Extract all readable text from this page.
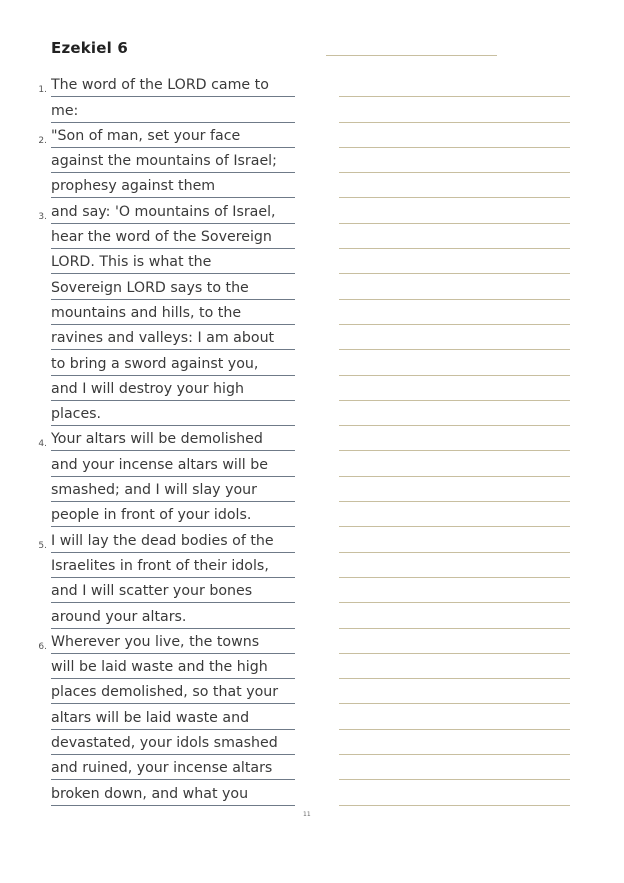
Ezekiel 6
1. The word of the LORD came to
me:
2. "Son of man, set your face
against the mountains of Israel;
prophesy against them
3. and say: 'O mountains of Israel,
hear the word of the Sovereign
LORD. This is what the
Sovereign LORD says to the
mountains and hills, to the
ravines and valleys: I am about
to bring a sword against you,
and I will destroy your high
places.
4. Your altars will be demolished
and your incense altars will be
smashed; and I will slay your
people in front of your idols.
5. I will lay the dead bodies of the
Israelites in front of their idols,
and I will scatter your bones
around your altars.
6. Wherever you live, the towns
will be laid waste and the high
places demolished, so that your
altars will be laid waste and
devastated, your idols smashed
and ruined, your incense altars
broken down, and what you
11
